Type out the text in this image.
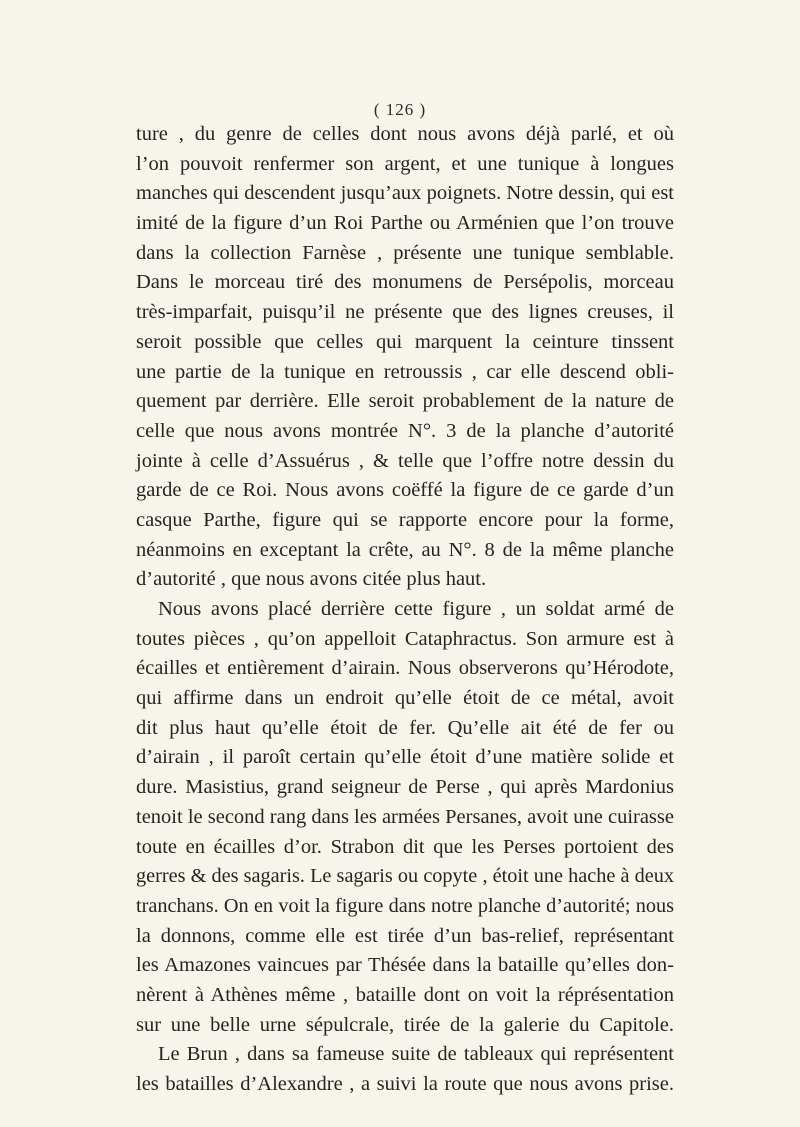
( 126 )
ture , du genre de celles dont nous avons déjà parlé, et où
l’on pouvoit renfermer son argent, et une tunique à longues
manches qui descendent jusqu’aux poignets. Notre dessin, qui est
imité de la figure d’un Roi Parthe ou Arménien que l’on trouve
dans la collection Farnèse , présente une tunique semblable.
Dans le morceau tiré des monumens de Persépolis, morceau
très-imparfait, puisqu’il ne présente que des lignes creuses, il
seroit possible que celles qui marquent la ceinture tinssent
une partie de la tunique en retroussis , car elle descend obli-
quement par derrière. Elle seroit probablement de la nature de
celle que nous avons montrée N°. 3 de la planche d’autorité
jointe à celle d’Assuérus , & telle que l’offre notre dessin du
garde de ce Roi. Nous avons coëffé la figure de ce garde d’un
casque Parthe, figure qui se rapporte encore pour la forme,
néanmoins en exceptant la crête, au N°. 8 de la même planche
d’autorité , que nous avons citée plus haut.
Nous avons placé derrière cette figure , un soldat armé de
toutes pièces , qu’on appelloit Cataphractus. Son armure est à
écailles et entièrement d’airain. Nous observerons qu’Hérodote,
qui affirme dans un endroit qu’elle étoit de ce métal, avoit
dit plus haut qu’elle étoit de fer. Qu’elle ait été de fer ou
d’airain , il paroît certain qu’elle étoit d’une matière solide et
dure. Masistius, grand seigneur de Perse , qui après Mardonius
tenoit le second rang dans les armées Persanes, avoit une cuirasse
toute en écailles d’or. Strabon dit que les Perses portoient des
gerres & des sagaris. Le sagaris ou copyte , étoit une hache à deux
tranchans. On en voit la figure dans notre planche d’autorité; nous
la donnons, comme elle est tirée d’un bas-relief, représentant
les Amazones vaincues par Thésée dans la bataille qu’elles don-
nèrent à Athènes même , bataille dont on voit la réprésentation
sur une belle urne sépulcrale, tirée de la galerie du Capitole.
Le Brun , dans sa fameuse suite de tableaux qui représentent
les batailles d’Alexandre , a suivi la route que nous avons prise.
